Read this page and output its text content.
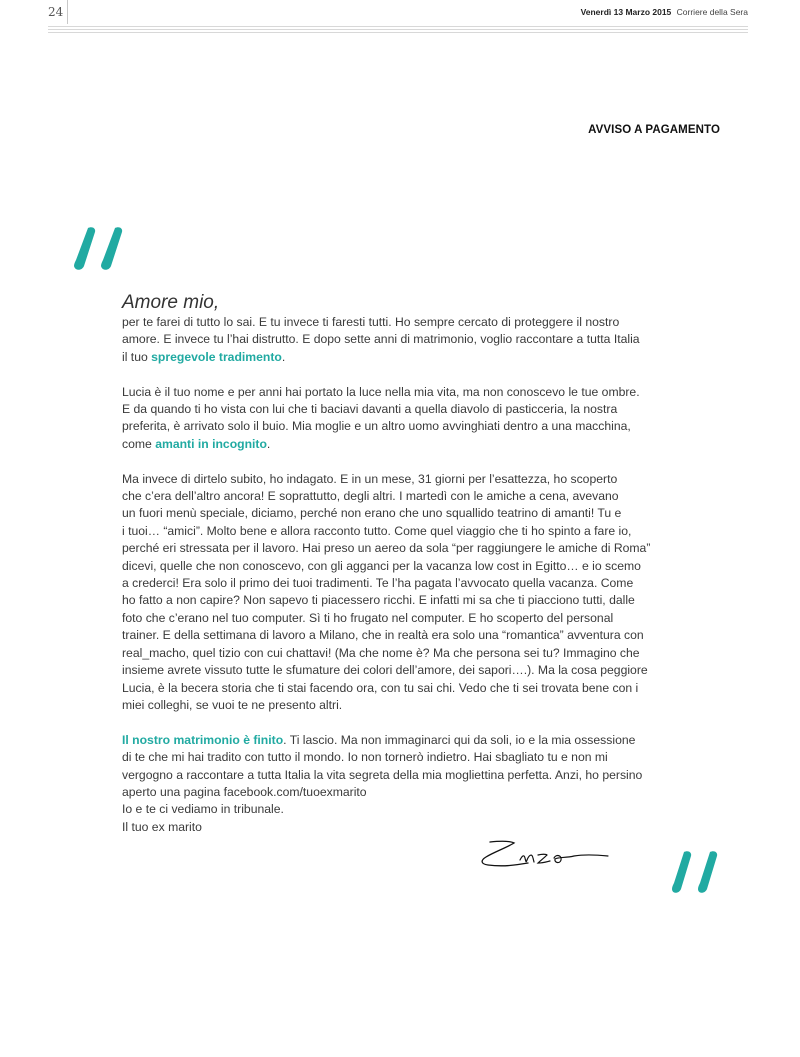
24	Venerdì 13 Marzo 2015 Corriere della Sera
AVVISO A PAGAMENTO
Amore mio,
per te farei di tutto lo sai. E tu invece ti faresti tutti. Ho sempre cercato di proteggere il nostro
amore. E invece tu l’hai distrutto. E dopo sette anni di matrimonio, voglio raccontare a tutta Italia
il tuo spregevole tradimento.
Lucia è il tuo nome e per anni hai portato la luce nella mia vita, ma non conoscevo le tue ombre.
E da quando ti ho vista con lui che ti baciavi davanti a quella diavolo di pasticceria, la nostra
preferita, è arrivato solo il buio. Mia moglie e un altro uomo avvinghiati dentro a una macchina,
come amanti in incognito.
Ma invece di dirtelo subito, ho indagato. E in un mese, 31 giorni per l’esattezza, ho scoperto
che c’era dell’altro ancora! E soprattutto, degli altri. I martedì con le amiche a cena, avevano
un fuori menù speciale, diciamo, perché non erano che uno squallido teatrino di amanti! Tu e
i tuoi… “amici”. Molto bene e allora racconto tutto. Come quel viaggio che ti ho spinto a fare io,
perché eri stressata per il lavoro. Hai preso un aereo da sola “per raggiungere le amiche di Roma”
dicevi, quelle che non conoscevo, con gli agganci per la vacanza low cost in Egitto… e io scemo
a crederci! Era solo il primo dei tuoi tradimenti. Te l’ha pagata l’avvocato quella vacanza. Come
ho fatto a non capire? Non sapevo ti piacessero ricchi. E infatti mi sa che ti piacciono tutti, dalle
foto che c’erano nel tuo computer. Sì ti ho frugato nel computer. E ho scoperto del personal
trainer. E della settimana di lavoro a Milano, che in realtà era solo una “romantica” avventura con
real_macho, quel tizio con cui chattavi! (Ma che nome è? Ma che persona sei tu? Immagino che
insieme avrete vissuto tutte le sfumature dei colori dell’amore, dei sapori….). Ma la cosa peggiore
Lucia, è la becera storia che ti stai facendo ora, con tu sai chi. Vedo che ti sei trovata bene con i
miei colleghi, se vuoi te ne presento altri.
Il nostro matrimonio è finito. Ti lascio. Ma non immaginarci qui da soli, io e la mia ossessione
di te che mi hai tradito con tutto il mondo. Io non tornerò indietro. Hai sbagliato tu e non mi
vergogno a raccontare a tutta Italia la vita segreta della mia mogliettina perfetta. Anzi, ho persino
aperto una pagina facebook.com/tuoexmarito
Io e te ci vediamo in tribunale.
Il tuo ex marito
